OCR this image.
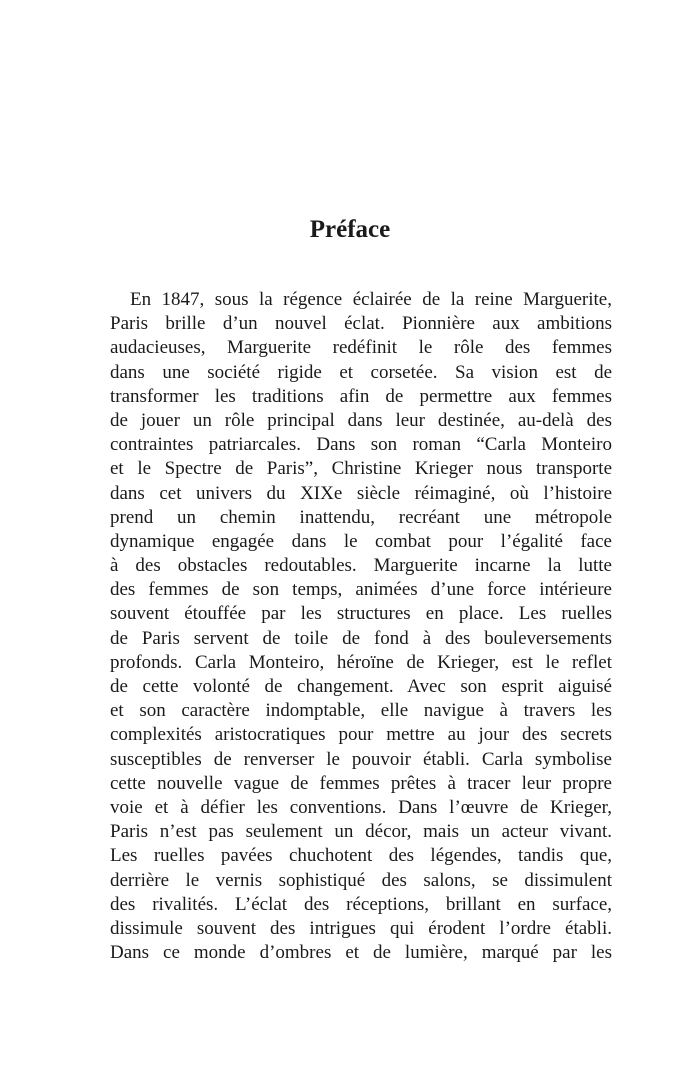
Préface
En 1847, sous la régence éclairée de la reine Marguerite,
Paris brille d’un nouvel éclat. Pionnière aux ambitions
audacieuses, Marguerite redéfinit le rôle des femmes
dans une société rigide et corsetée. Sa vision est de
transformer les traditions afin de permettre aux femmes
de jouer un rôle principal dans leur destinée, au-delà des
contraintes patriarcales. Dans son roman “Carla Monteiro
et le Spectre de Paris”, Christine Krieger nous transporte
dans cet univers du XIXe siècle réimaginé, où l’histoire
prend un chemin inattendu, recréant une métropole
dynamique engagée dans le combat pour l’égalité face
à des obstacles redoutables. Marguerite incarne la lutte
des femmes de son temps, animées d’une force intérieure
souvent étouffée par les structures en place. Les ruelles
de Paris servent de toile de fond à des bouleversements
profonds. Carla Monteiro, héroïne de Krieger, est le reflet
de cette volonté de changement. Avec son esprit aiguisé
et son caractère indomptable, elle navigue à travers les
complexités aristocratiques pour mettre au jour des secrets
susceptibles de renverser le pouvoir établi. Carla symbolise
cette nouvelle vague de femmes prêtes à tracer leur propre
voie et à défier les conventions. Dans l’œuvre de Krieger,
Paris n’est pas seulement un décor, mais un acteur vivant.
Les ruelles pavées chuchotent des légendes, tandis que,
derrière le vernis sophistiqué des salons, se dissimulent
des rivalités. L’éclat des réceptions, brillant en surface,
dissimule souvent des intrigues qui érodent l’ordre établi.
Dans ce monde d’ombres et de lumière, marqué par les
